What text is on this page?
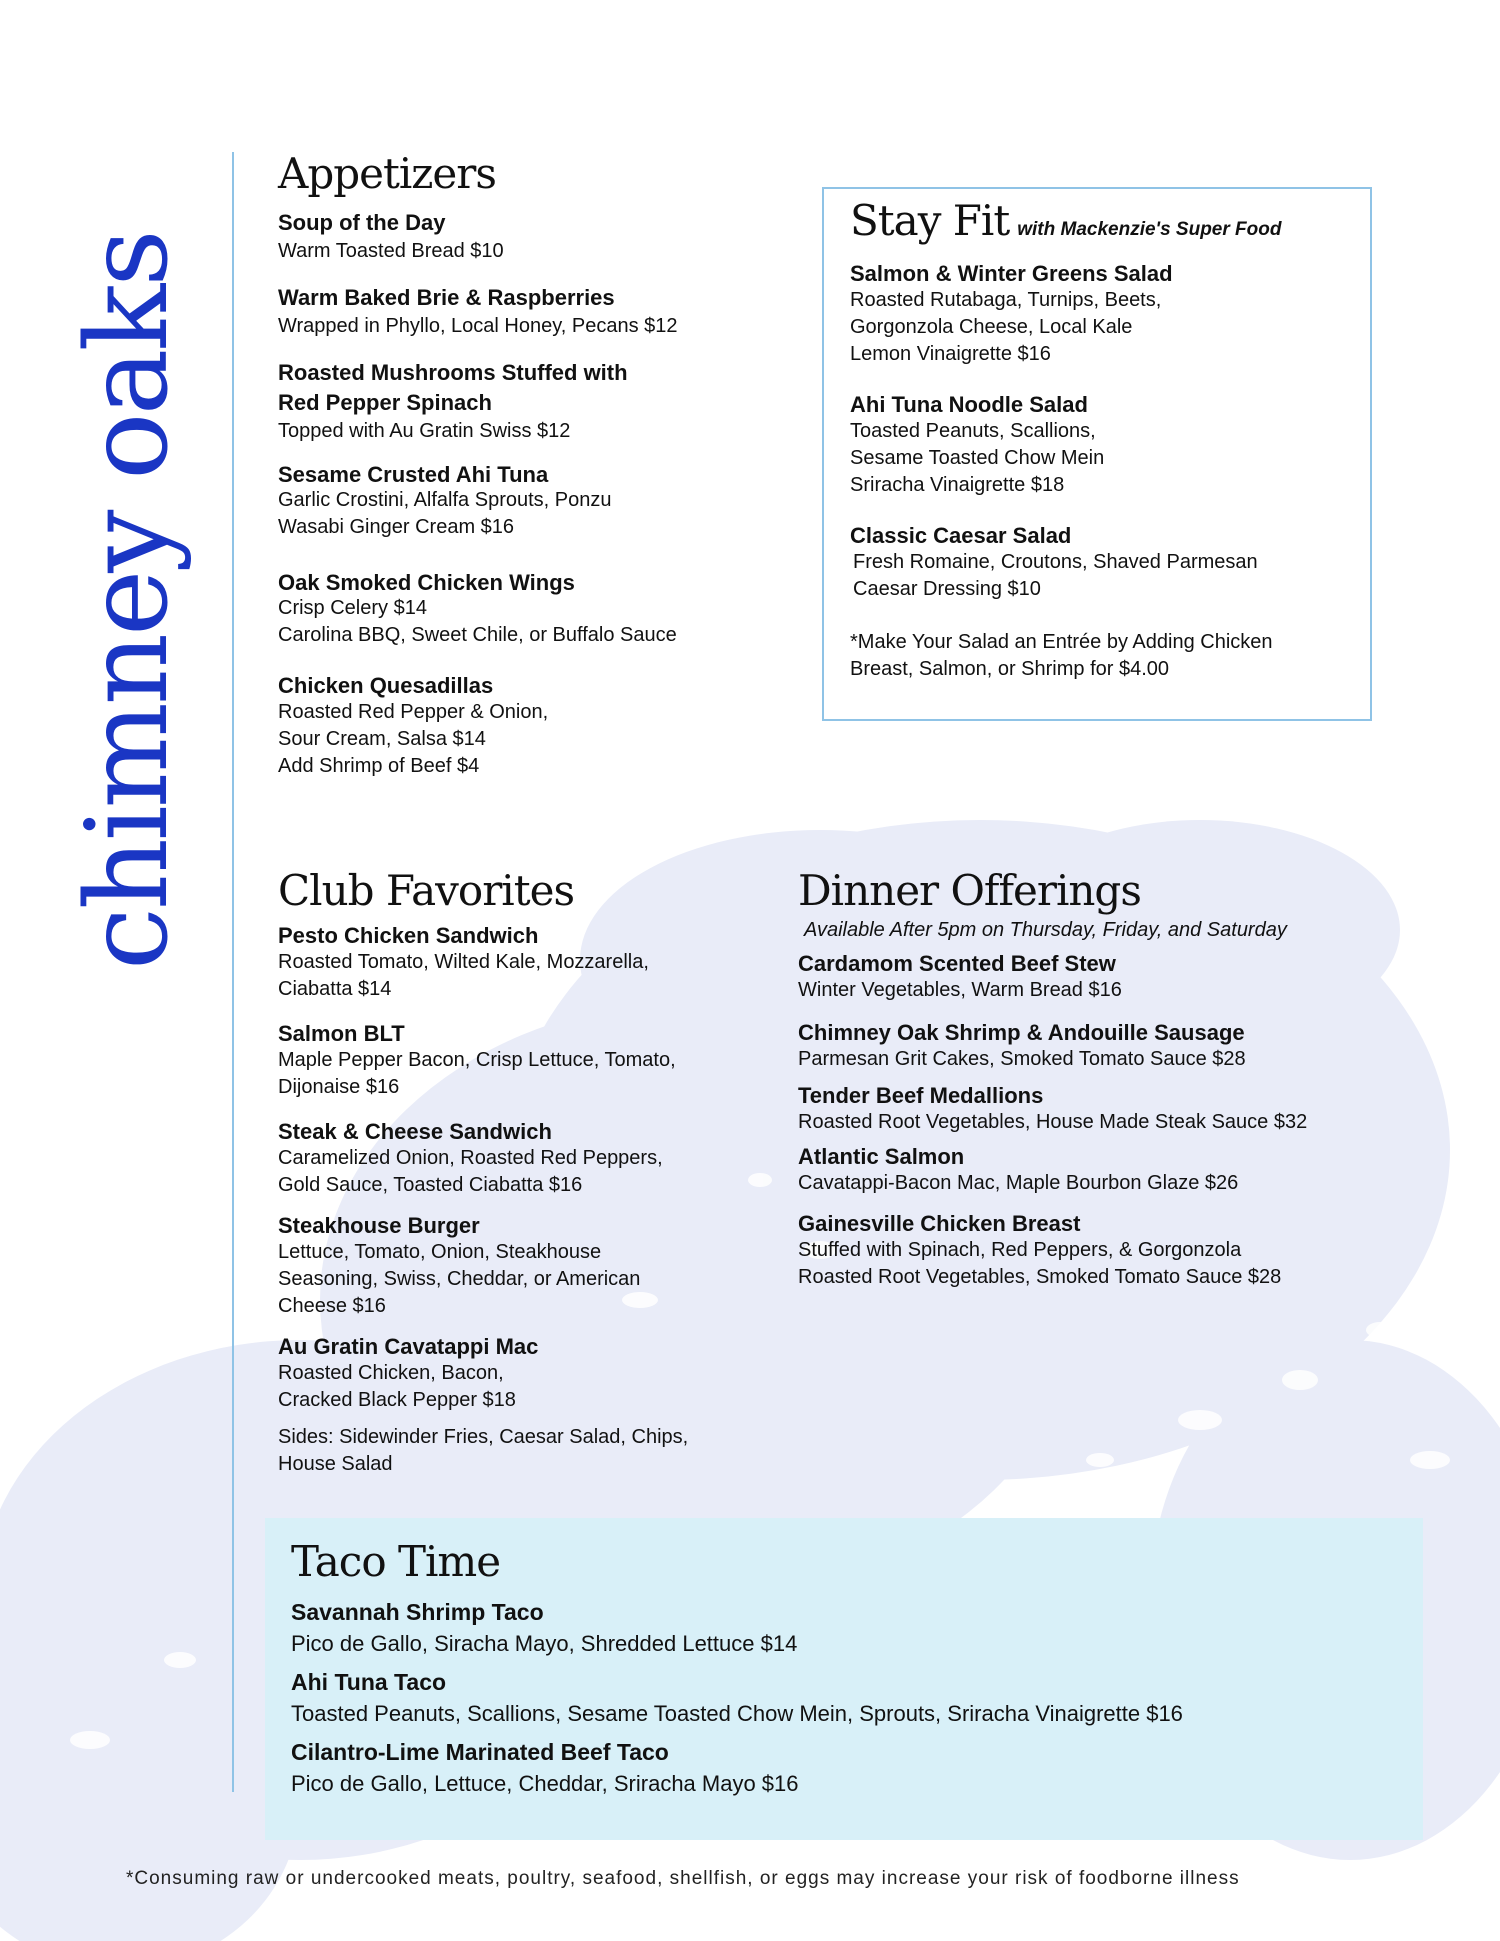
chimney oaks
Appetizers
Soup of the Day
Warm Toasted Bread $10
Warm Baked Brie & Raspberries
Wrapped in Phyllo, Local Honey, Pecans $12
Roasted Mushrooms Stuffed with
Red Pepper Spinach
Topped with Au Gratin Swiss $12
Sesame Crusted Ahi Tuna
Garlic Crostini, Alfalfa Sprouts, Ponzu
Wasabi Ginger Cream $16
Oak Smoked Chicken Wings
Crisp Celery $14
Carolina BBQ, Sweet Chile, or Buffalo Sauce
Chicken Quesadillas
Roasted Red Pepper & Onion,
Sour Cream, Salsa $14
Add Shrimp of Beef $4
Stay Fit with Mackenzie's Super Food
Salmon & Winter Greens Salad
Roasted Rutabaga, Turnips, Beets,
Gorgonzola Cheese, Local Kale
Lemon Vinaigrette $16
Ahi Tuna Noodle Salad
Toasted Peanuts, Scallions,
Sesame Toasted Chow Mein
Sriracha Vinaigrette $18
Classic Caesar Salad
Fresh Romaine, Croutons, Shaved Parmesan
Caesar Dressing $10
*Make Your Salad an Entrée by Adding Chicken
Breast, Salmon, or Shrimp for $4.00
Club Favorites
Pesto Chicken Sandwich
Roasted Tomato, Wilted Kale, Mozzarella,
Ciabatta $14
Salmon BLT
Maple Pepper Bacon, Crisp Lettuce, Tomato,
Dijonaise $16
Steak & Cheese Sandwich
Caramelized Onion, Roasted Red Peppers,
Gold Sauce, Toasted Ciabatta $16
Steakhouse Burger
Lettuce, Tomato, Onion, Steakhouse
Seasoning, Swiss, Cheddar, or American
Cheese $16
Au Gratin Cavatappi Mac
Roasted Chicken, Bacon,
Cracked Black Pepper $18
Sides: Sidewinder Fries, Caesar Salad, Chips,
House Salad
Dinner Offerings
Available After 5pm on Thursday, Friday, and Saturday
Cardamom Scented Beef Stew
Winter Vegetables, Warm Bread $16
Chimney Oak Shrimp & Andouille Sausage
Parmesan Grit Cakes, Smoked Tomato Sauce $28
Tender Beef Medallions
Roasted Root Vegetables, House Made Steak Sauce $32
Atlantic Salmon
Cavatappi-Bacon Mac, Maple Bourbon Glaze $26
Gainesville Chicken Breast
Stuffed with Spinach, Red Peppers, & Gorgonzola
Roasted Root Vegetables, Smoked Tomato Sauce $28
Taco Time
Savannah Shrimp Taco
Pico de Gallo, Siracha Mayo, Shredded Lettuce $14
Ahi Tuna Taco
Toasted Peanuts, Scallions, Sesame Toasted Chow Mein, Sprouts, Sriracha Vinaigrette $16
Cilantro-Lime Marinated Beef Taco
Pico de Gallo, Lettuce, Cheddar, Sriracha Mayo $16
*Consuming raw or undercooked meats, poultry, seafood, shellfish, or eggs may increase your risk of foodborne illness
